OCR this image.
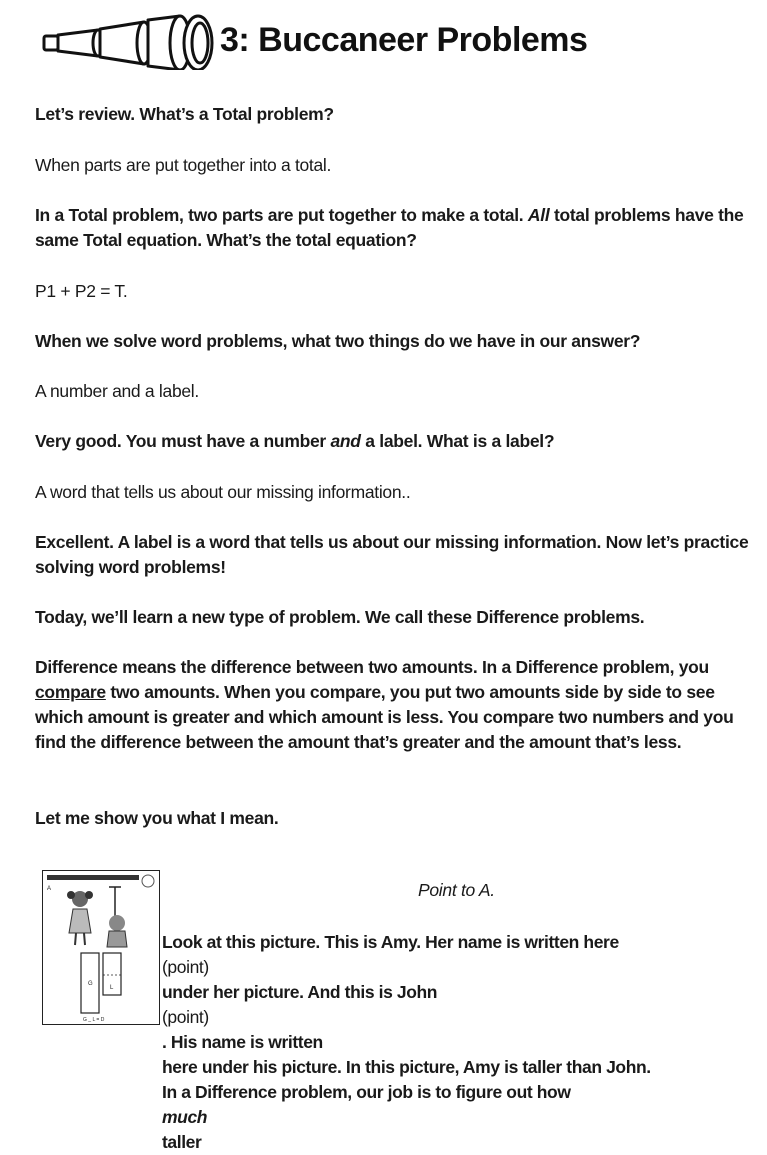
3: Buccaneer Problems

Let’s review. What’s a Total problem?

When parts are put together into a total.

In a Total problem, two parts are put together to make a total. All total problems have the same Total equation. What’s the total equation?

P1 + P2 = T.

When we solve word problems, what two things do we have in our answer?

A number and a label.

Very good. You must have a number and a label. What is a label?

A word that tells us about our missing information..

Excellent. A label is a word that tells us about our missing information. Now let’s practice solving word problems!

Today, we’ll learn a new type of problem. We call these Difference problems.

Difference means the difference between two amounts. In a Difference problem, you compare two amounts. When you compare, you put two amounts side by side to see which amount is greater and which amount is less. You compare two numbers and you find the difference between the amount that’s greater and the amount that’s less.

Let me show you what I mean.

A
G
L
G _ L = D
Point to A.
Look at this picture. This is Amy. Her name is written here
(point)
under her picture. And this is John
(point)
. His name is written
here under his picture. In this picture, Amy is taller than John.
In a Difference problem, our job is to figure out how
much
taller
